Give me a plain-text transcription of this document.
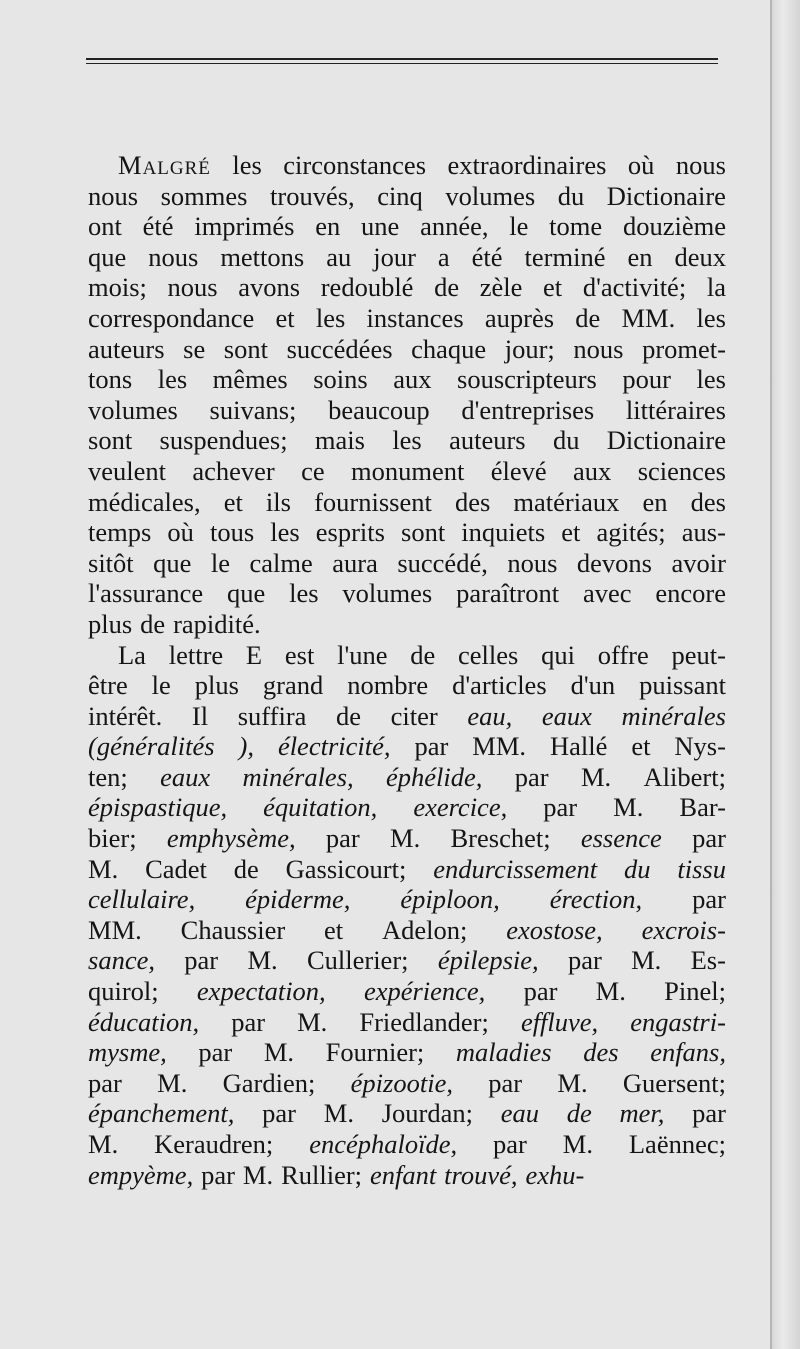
Malgré les circonstances extraordinaires où nous
nous sommes trouvés, cinq volumes du Dictionaire
ont été imprimés en une année, le tome douzième
que nous mettons au jour a été terminé en deux
mois; nous avons redoublé de zèle et d'activité; la
correspondance et les instances auprès de MM. les
auteurs se sont succédées chaque jour; nous promet-
tons les mêmes soins aux souscripteurs pour les
volumes suivans; beaucoup d'entreprises littéraires
sont suspendues; mais les auteurs du Dictionaire
veulent achever ce monument élevé aux sciences
médicales, et ils fournissent des matériaux en des
temps où tous les esprits sont inquiets et agités; aus-
sitôt que le calme aura succédé, nous devons avoir
l'assurance que les volumes paraîtront avec encore
plus de rapidité.
La lettre E est l'une de celles qui offre peut-
être le plus grand nombre d'articles d'un puissant
intérêt. Il suffira de citer eau, eaux minérales
(généralités ), électricité, par MM. Hallé et Nys-
ten; eaux minérales, éphélide, par M. Alibert;
épispastique, équitation, exercice, par M. Bar-
bier; emphysème, par M. Breschet; essence par
M. Cadet de Gassicourt; endurcissement du tissu
cellulaire, épiderme, épiploon, érection, par
MM. Chaussier et Adelon; exostose, excrois-
sance, par M. Cullerier; épilepsie, par M. Es-
quirol; expectation, expérience, par M. Pinel;
éducation, par M. Friedlander; effluve, engastri-
mysme, par M. Fournier; maladies des enfans,
par M. Gardien; épizootie, par M. Guersent;
épanchement, par M. Jourdan; eau de mer, par
M. Keraudren; encéphaloïde, par M. Laënnec;
empyème, par M. Rullier; enfant trouvé, exhu-
